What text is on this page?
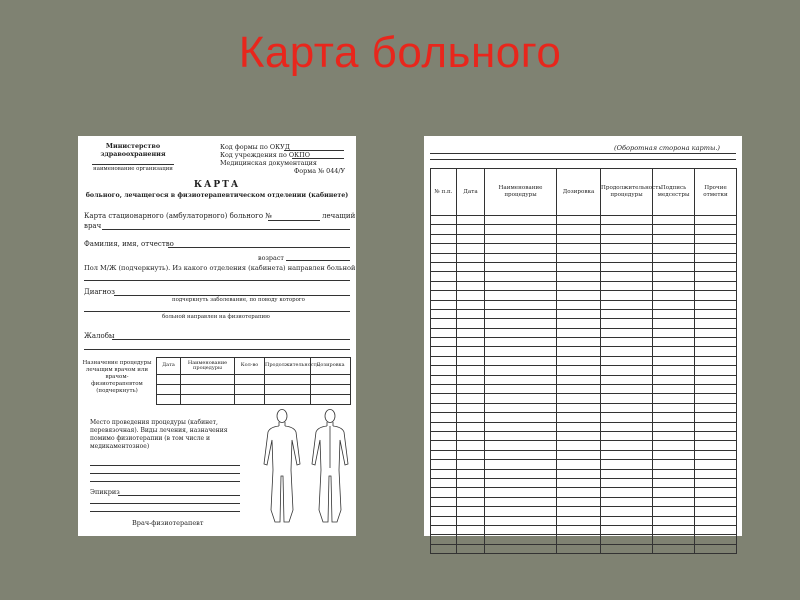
Карта больного
Министерство здравоохранения
наименование организации
Код формы по ОКУД
Код учреждения по ОКПО
Медицинская документация
Форма № 044/У
КАРТА
больного, лечащегося в физиотерапевтическом отделении (кабинете)
Карта стационарного (амбулаторного) больного №	лечащий
врач
Фамилия, имя, отчество
возраст
Пол М/Ж (подчеркнуть). Из какого отделения (кабинета) направлен больной
Диагноз
подчеркнуть заболевание, по поводу которого
больной направлен на физиотерапию
Жалобы
Назначение процедуры лечащим врачом или врачом-физиотерапевтом (подчеркнуть)
Дата	Наименование процедуры	Кол-во	Продолжительность	Дозировка

Место проведения процедуры (кабинет, перевязочная). Виды лечения, назначения помимо физиотерапии (в том числе и медикаментозное)
Эпикриз
Врач-физиотерапевт
(Оборотная сторона карты.)
№ п.п.	Дата	Наименование процедуры	Дозировка	Продолжительность процедуры	Подпись медсестры	Прочие отметки
